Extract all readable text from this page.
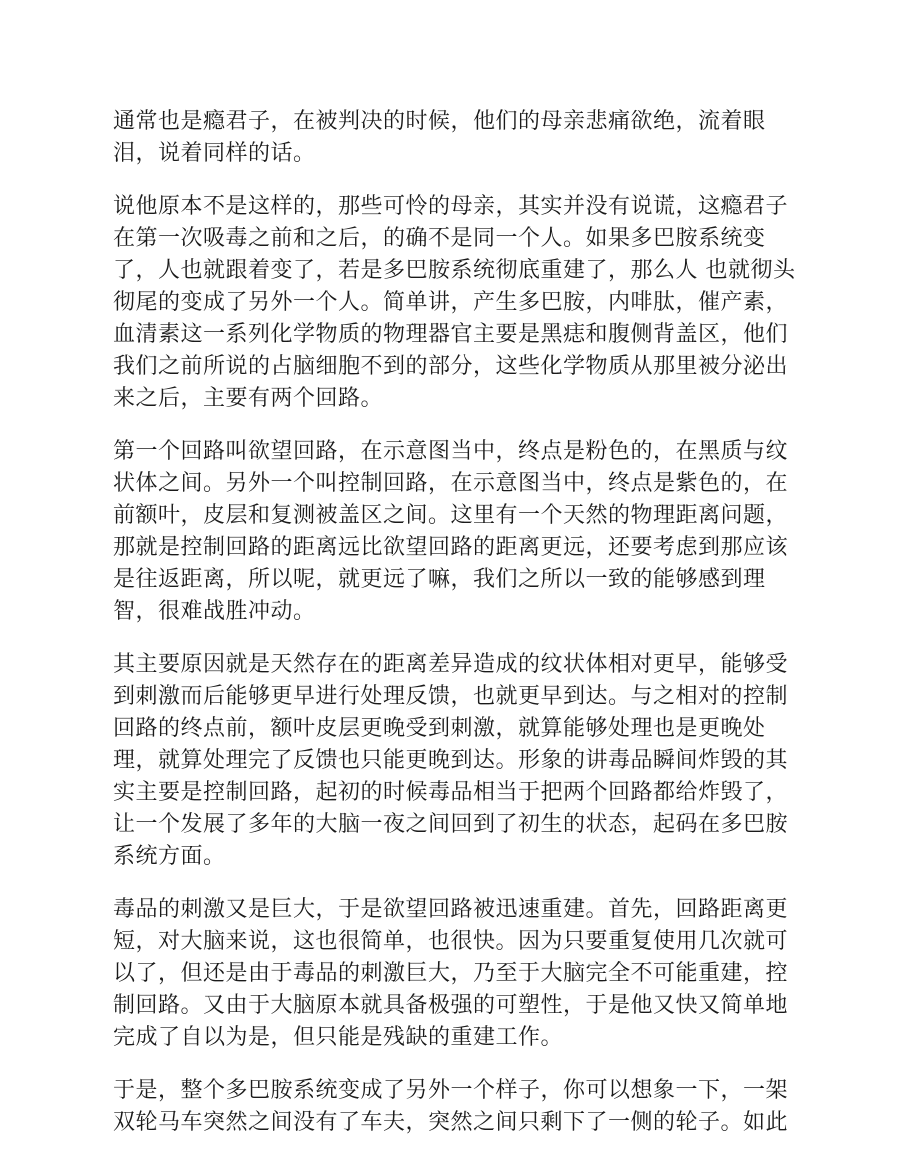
通常也是瘾君子，在被判决的时候，他们的母亲悲痛欲绝，流着眼
泪，说着同样的话。

说他原本不是这样的，那些可怜的母亲，其实并没有说谎，这瘾君子
在第一次吸毒之前和之后，的确不是同一个人。如果多巴胺系统变
了，人也就跟着变了，若是多巴胺系统彻底重建了，那么人 也就彻头
彻尾的变成了另外一个人。简单讲，产生多巴胺，内啡肽，催产素，
血清素这一系列化学物质的物理器官主要是黑痣和腹侧背盖区，他们
我们之前所说的占脑细胞不到的部分，这些化学物质从那里被分泌出
来之后，主要有两个回路。

第一个回路叫欲望回路，在示意图当中，终点是粉色的，在黑质与纹
状体之间。另外一个叫控制回路，在示意图当中，终点是紫色的，在
前额叶，皮层和复测被盖区之间。这里有一个天然的物理距离问题，
那就是控制回路的距离远比欲望回路的距离更远，还要考虑到那应该
是往返距离，所以呢，就更远了嘛，我们之所以一致的能够感到理
智，很难战胜冲动。

其主要原因就是天然存在的距离差异造成的纹状体相对更早，能够受
到刺激而后能够更早进行处理反馈，也就更早到达。与之相对的控制
回路的终点前，额叶皮层更晚受到刺激，就算能够处理也是更晚处
理，就算处理完了反馈也只能更晚到达。形象的讲毒品瞬间炸毁的其
实主要是控制回路，起初的时候毒品相当于把两个回路都给炸毁了，
让一个发展了多年的大脑一夜之间回到了初生的状态，起码在多巴胺
系统方面。

毒品的刺激又是巨大，于是欲望回路被迅速重建。首先，回路距离更
短，对大脑来说，这也很简单，也很快。因为只要重复使用几次就可
以了，但还是由于毒品的刺激巨大，乃至于大脑完全不可能重建，控
制回路。又由于大脑原本就具备极强的可塑性，于是他又快又简单地
完成了自以为是，但只能是残缺的重建工作。

于是，整个多巴胺系统变成了另外一个样子，你可以想象一下，一架
双轮马车突然之间没有了车夫，突然之间只剩下了一侧的轮子。如此
